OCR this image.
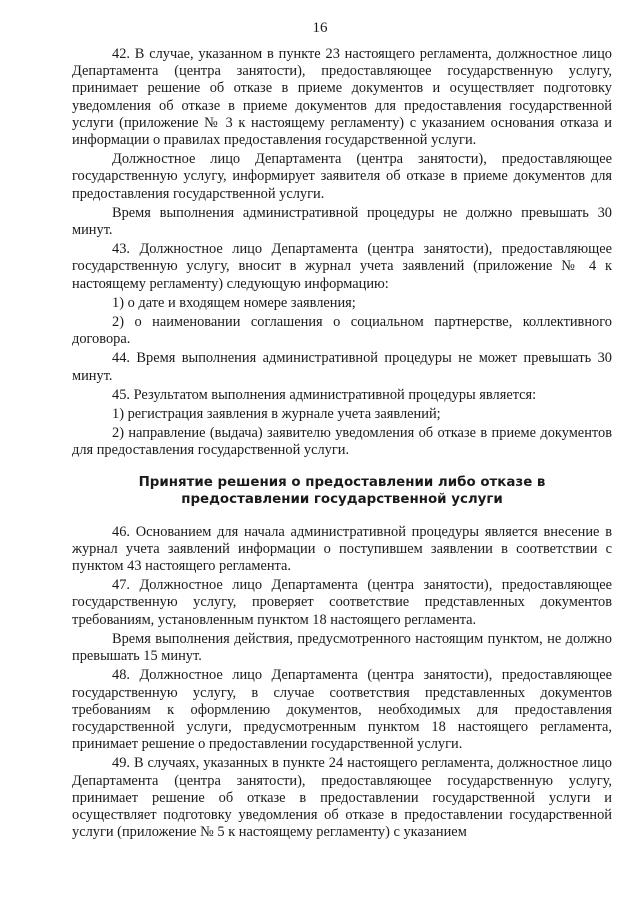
16

42. В случае, указанном в пункте 23 настоящего регламента, должностное лицо Департамента (центра занятости), предоставляющее государственную услугу, принимает решение об отказе в приеме документов и осуществляет подготовку уведомления об отказе в приеме документов для предоставления государственной услуги (приложение № 3 к настоящему регламенту) с указанием основания отказа и информации о правилах предоставления государственной услуги.

Должностное лицо Департамента (центра занятости), предоставляющее государственную услугу, информирует заявителя об отказе в приеме документов для предоставления государственной услуги.

Время выполнения административной процедуры не должно превышать 30 минут.

43. Должностное лицо Департамента (центра занятости), предоставляющее государственную услугу, вносит в журнал учета заявлений (приложение № 4 к настоящему регламенту) следующую информацию:

1) о дате и входящем номере заявления;

2) о наименовании соглашения о социальном партнерстве, коллективного договора.

44. Время выполнения административной процедуры не может превышать 30 минут.

45. Результатом выполнения административной процедуры является:

1) регистрация заявления в журнале учета заявлений;

2) направление (выдача) заявителю уведомления об отказе в приеме документов для предоставления государственной услуги.

Принятие решения о предоставлении либо отказе в предоставлении государственной услуги

46. Основанием для начала административной процедуры является внесение в журнал учета заявлений информации о поступившем заявлении в соответствии с пунктом 43 настоящего регламента.

47. Должностное лицо Департамента (центра занятости), предоставляющее государственную услугу, проверяет соответствие представленных документов требованиям, установленным пунктом 18 настоящего регламента.

Время выполнения действия, предусмотренного настоящим пунктом, не должно превышать 15 минут.

48. Должностное лицо Департамента (центра занятости), предоставляющее государственную услугу, в случае соответствия представленных документов требованиям к оформлению документов, необходимых для предоставления государственной услуги, предусмотренным пунктом 18 настоящего регламента, принимает решение о предоставлении государственной услуги.

49. В случаях, указанных в пункте 24 настоящего регламента, должностное лицо Департамента (центра занятости), предоставляющее государственную услугу, принимает решение об отказе в предоставлении государственной услуги и осуществляет подготовку уведомления об отказе в предоставлении государственной услуги (приложение № 5 к настоящему регламенту) с указанием
